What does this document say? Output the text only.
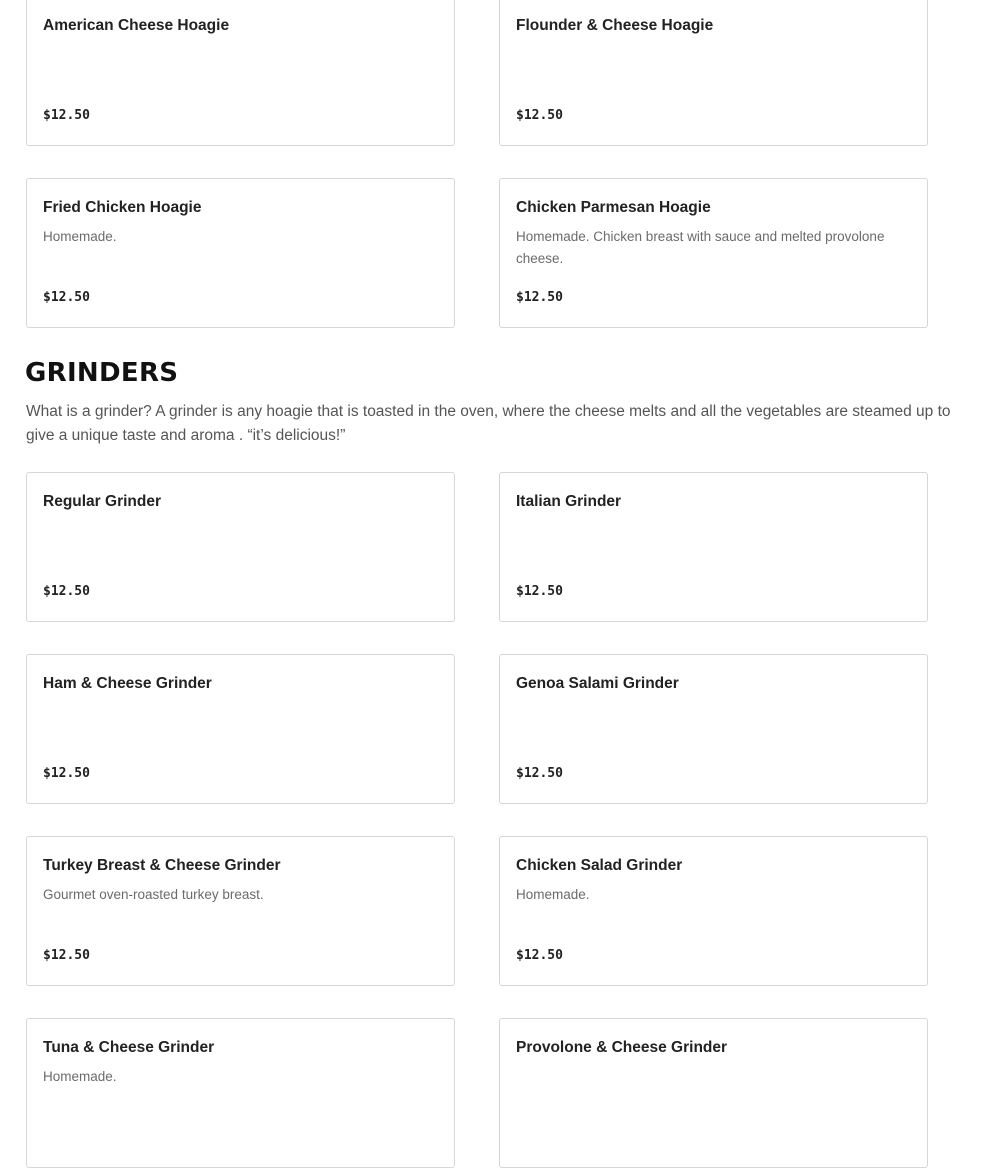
American Cheese Hoagie
$12.50
Flounder & Cheese Hoagie
$12.50
Fried Chicken Hoagie
Homemade.
$12.50
Chicken Parmesan Hoagie
Homemade. Chicken breast with sauce and melted provolone cheese.
$12.50
GRINDERS

What is a grinder? A grinder is any hoagie that is toasted in the oven, where the cheese melts and all the vegetables are steamed up to give a unique taste and aroma . “it’s delicious!”

Regular Grinder
$12.50
Italian Grinder
$12.50
Ham & Cheese Grinder
$12.50
Genoa Salami Grinder
$12.50
Turkey Breast & Cheese Grinder
Gourmet oven-roasted turkey breast.
$12.50
Chicken Salad Grinder
Homemade.
$12.50
Tuna & Cheese Grinder
Homemade.
Provolone & Cheese Grinder
